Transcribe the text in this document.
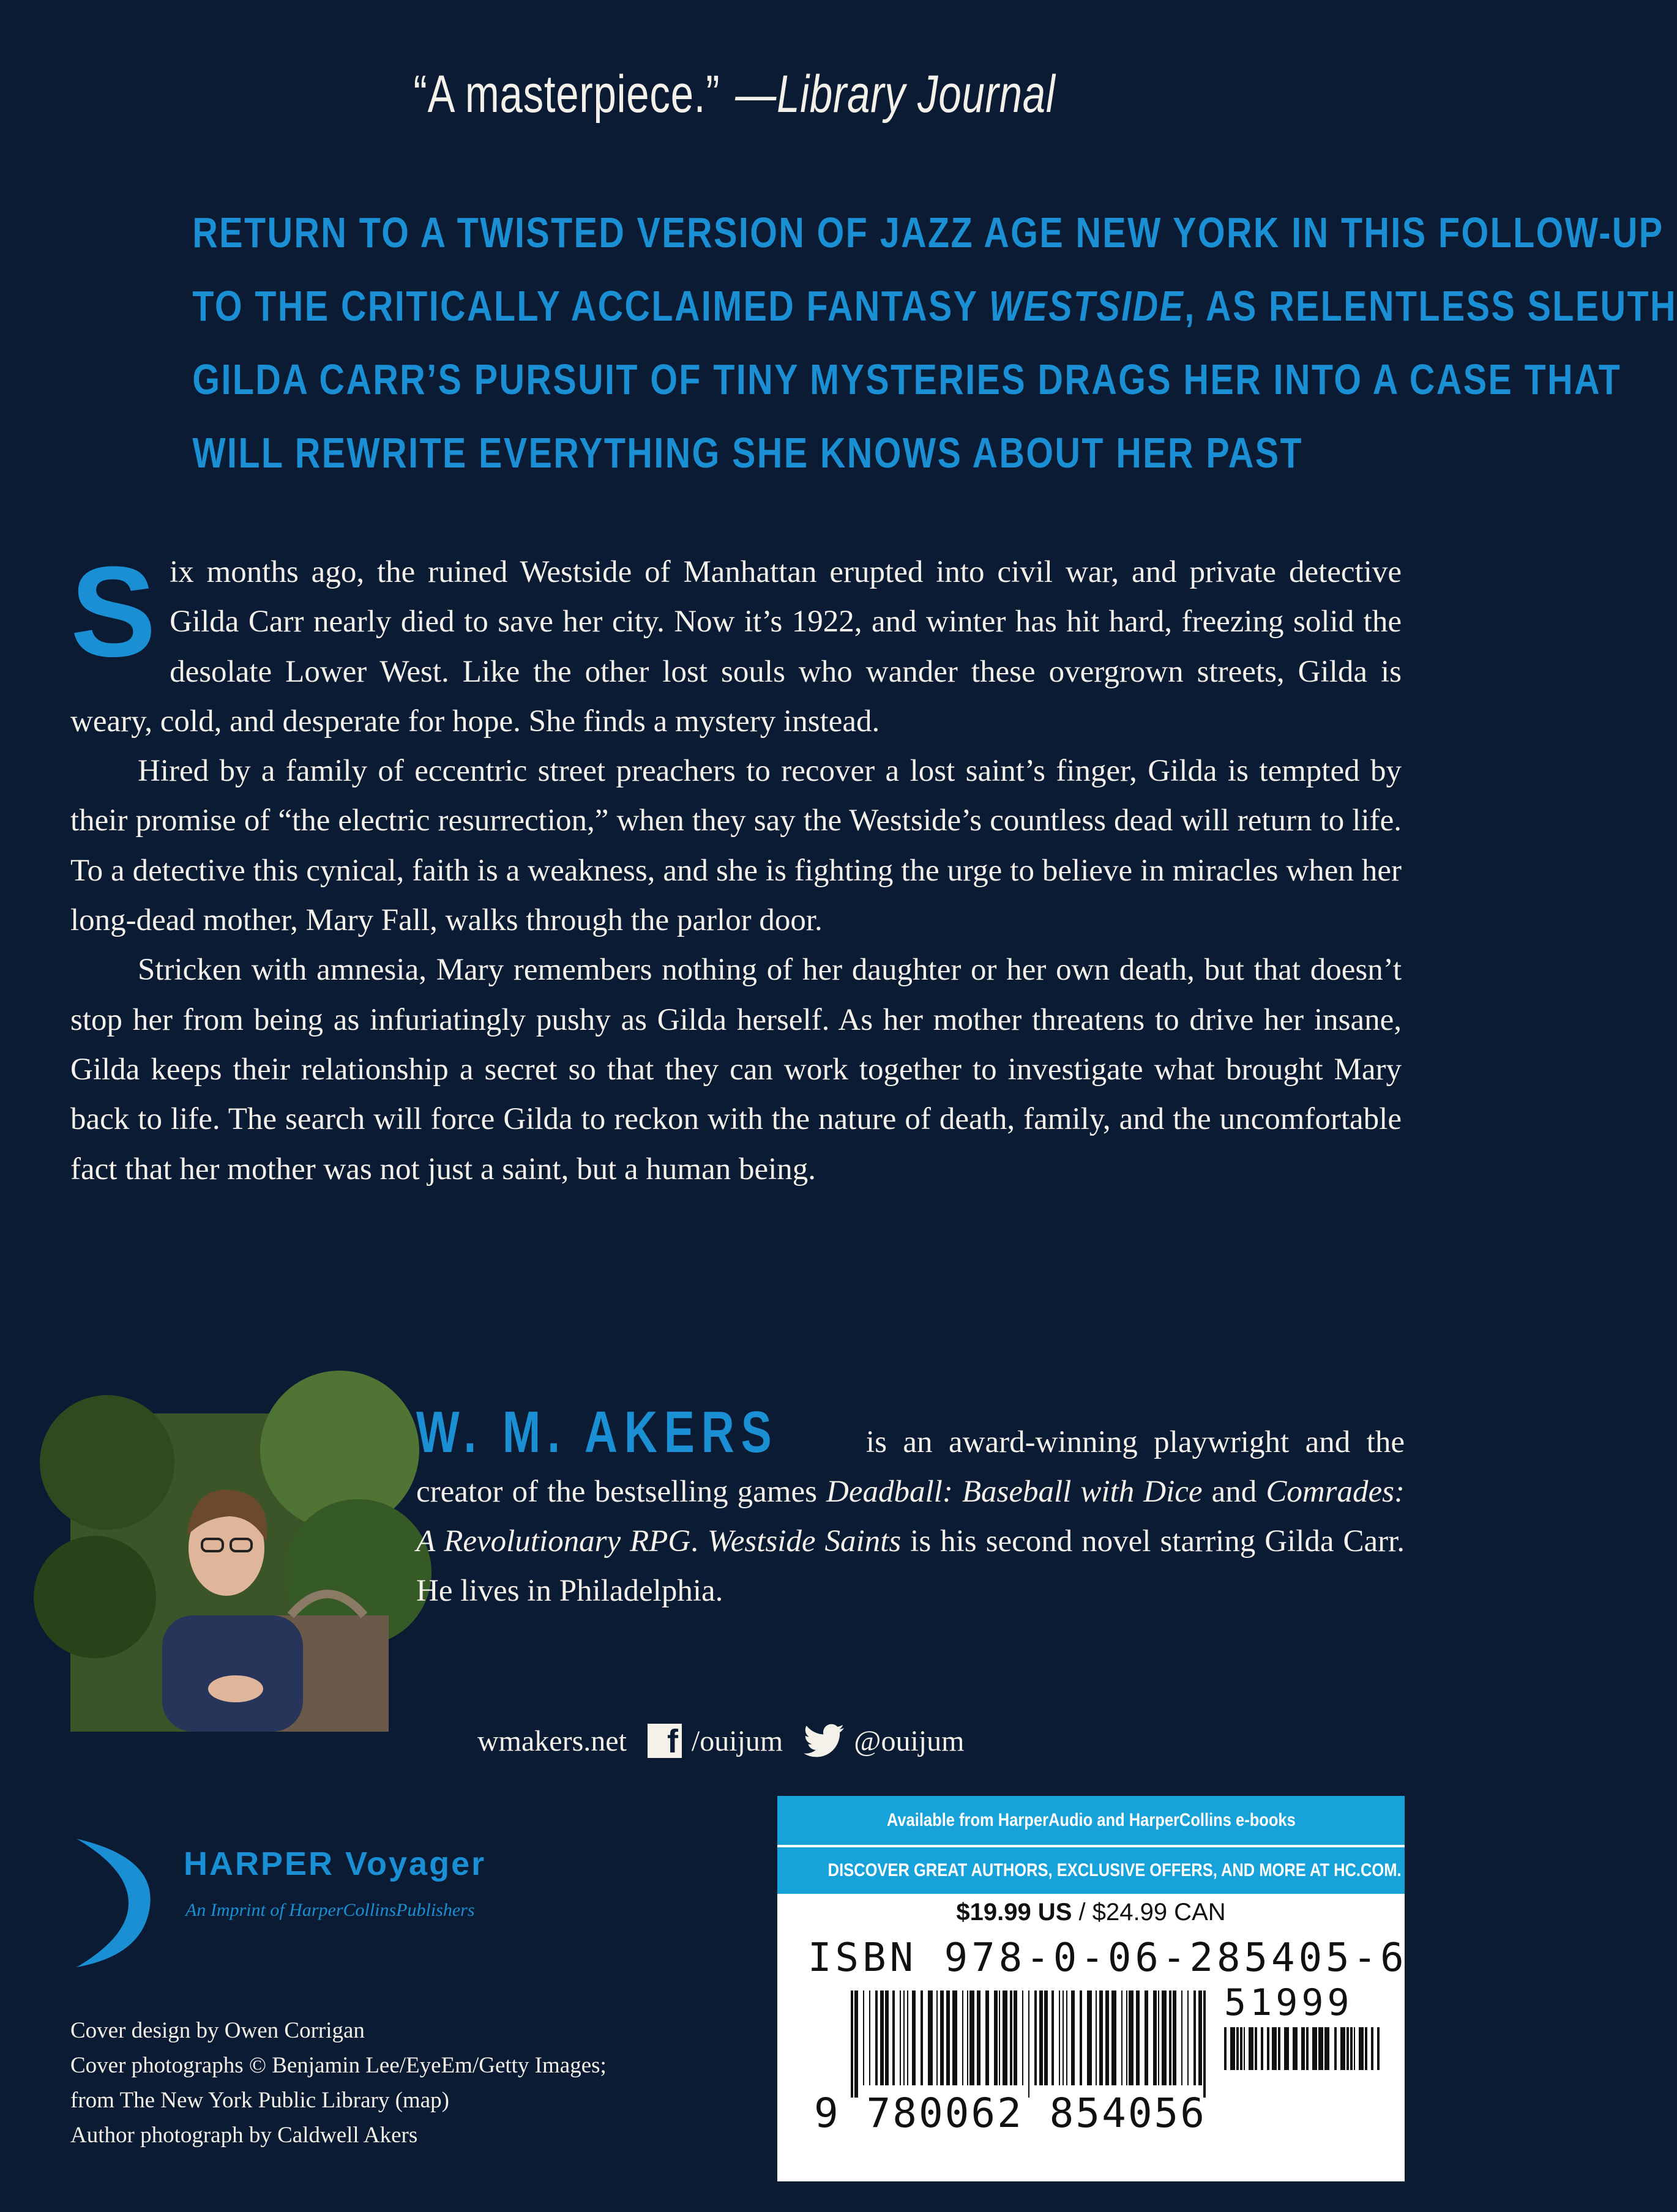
“A masterpiece.” —Library Journal
RETURN TO A TWISTED VERSION OF JAZZ AGE NEW YORK IN THIS FOLLOW-UP
TO THE CRITICALLY ACCLAIMED FANTASY WESTSIDE, AS RELENTLESS SLEUTH
GILDA CARR’S PURSUIT OF TINY MYSTERIES DRAGS HER INTO A CASE THAT
WILL REWRITE EVERYTHING SHE KNOWS ABOUT HER PAST

Six months ago, the ruined Westside of Manhattan erupted into civil war, and private detective Gilda Carr nearly died to save her city. Now it’s 1922, and winter has hit hard, freezing solid the desolate Lower West. Like the other lost souls who wander these overgrown streets, Gilda is weary, cold, and desperate for hope. She finds a mystery instead.

Hired by a family of eccentric street preachers to recover a lost saint’s finger, Gilda is tempted by their promise of “the electric resurrection,” when they say the Westside’s countless dead will return to life. To a detective this cynical, faith is a weakness, and she is fighting the urge to believe in miracles when her long-dead mother, Mary Fall, walks through the parlor door.

Stricken with amnesia, Mary remembers nothing of her daughter or her own death, but that doesn’t stop her from being as infuriatingly pushy as Gilda herself. As her mother threatens to drive her insane, Gilda keeps their relationship a secret so that they can work together to investigate what brought Mary back to life. The search will force Gilda to reckon with the nature of death, family, and the uncomfortable fact that her mother was not just a saint, but a human being.

W. M. AKERS is an award-winning playwright and the creator of the bestselling games Deadball: Baseball with Dice and Comrades: A Revolutionary RPG. Westside Saints is his second novel starring Gilda Carr. He lives in Philadelphia.
wmakers.net	f /ouijum @ouijum
HARPER Voyager
An Imprint of HarperCollinsPublishers
Cover design by Owen Corrigan
Cover photographs © Benjamin Lee/EyeEm/Getty Images;
from The New York Public Library (map)
Author photograph by Caldwell Akers
Available from HarperAudio and HarperCollins e-books
DISCOVER GREAT AUTHORS, EXCLUSIVE OFFERS, AND MORE AT HC.COM.
$19.99 US / $24.99 CAN
ISBN 978-0-06-285405-6
9 780062 854056
51999
